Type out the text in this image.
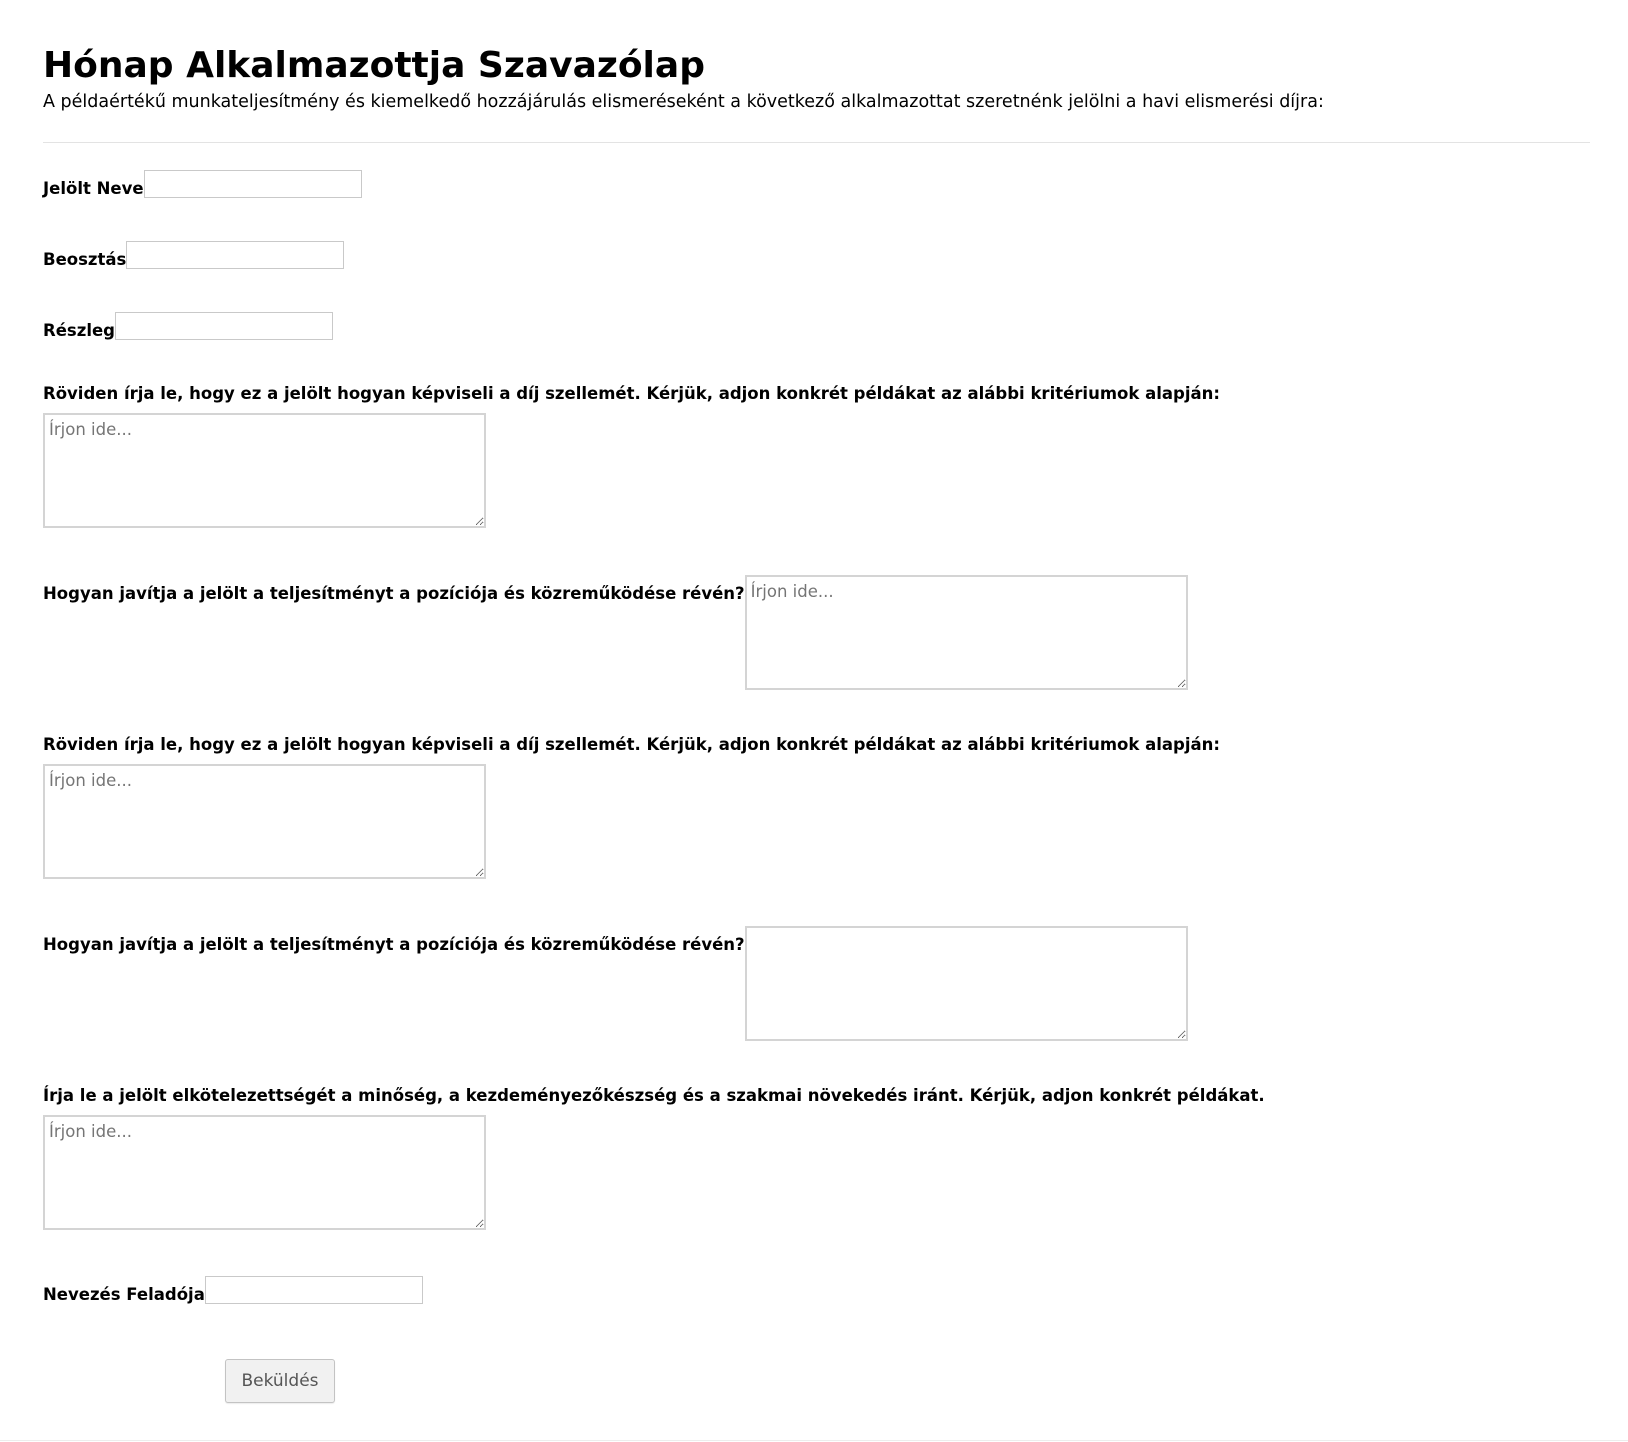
Hónap Alkalmazottja Szavazólap

A példaértékű munkateljesítmény és kiemelkedő hozzájárulás elismeréseként a következő alkalmazottat szeretnénk jelölni a havi elismerési díjra:

Jelölt Neve
Beosztás
Részleg
Röviden írja le, hogy ez a jelölt hogyan képviseli a díj szellemét. Kérjük, adjon konkrét példákat az alábbi kritériumok alapján:
Írjon ide...
Hogyan javítja a jelölt a teljesítményt a pozíciója és közreműködése révén?
Írjon ide...
Röviden írja le, hogy ez a jelölt hogyan képviseli a díj szellemét. Kérjük, adjon konkrét példákat az alábbi kritériumok alapján:
Írjon ide...
Hogyan javítja a jelölt a teljesítményt a pozíciója és közreműködése révén?
Írja le a jelölt elkötelezettségét a minőség, a kezdeményezőkészség és a szakmai növekedés iránt. Kérjük, adjon konkrét példákat.
Írjon ide...
Nevezés Feladója
Beküldés
